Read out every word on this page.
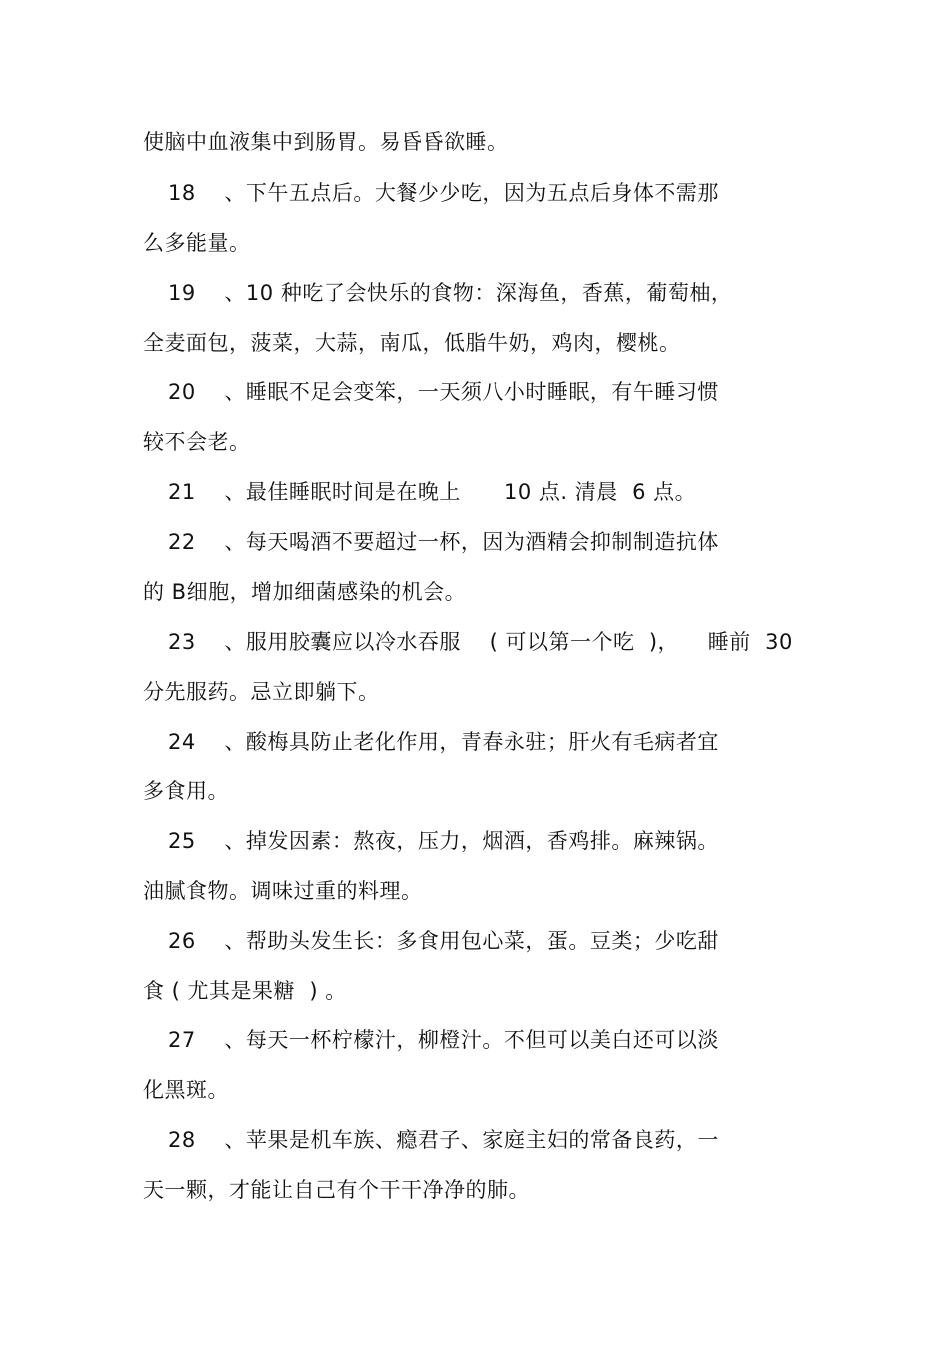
使脑中血液集中到肠胃。易昏昏欲睡。
18    、下午五点后。大餐少少吃，因为五点后身体不需那
么多能量。
19    、10 种吃了会快乐的食物：深海鱼，香蕉，葡萄柚，
全麦面包，菠菜，大蒜，南瓜，低脂牛奶，鸡肉，樱桃。
20    、睡眠不足会变笨，一天须八小时睡眠，有午睡习惯
较不会老。
21    、最佳睡眠时间是在晚上      10 点. 清晨  6 点。
22    、每天喝酒不要超过一杯，因为酒精会抑制制造抗体
的 B细胞，增加细菌感染的机会。
23    、服用胶囊应以冷水吞服    ( 可以第一个吃  )，    睡前  30
分先服药。忌立即躺下。
24    、酸梅具防止老化作用，青春永驻；肝火有毛病者宜
多食用。
25    、掉发因素：熬夜，压力，烟酒，香鸡排。麻辣锅。
油腻食物。调味过重的料理。
26    、帮助头发生长：多食用包心菜，蛋。豆类；少吃甜
食 ( 尤其是果糖  ) 。
27    、每天一杯柠檬汁，柳橙汁。不但可以美白还可以淡
化黑斑。
28    、苹果是机车族、瘾君子、家庭主妇的常备良药，一
天一颗，才能让自己有个干干净净的肺。
